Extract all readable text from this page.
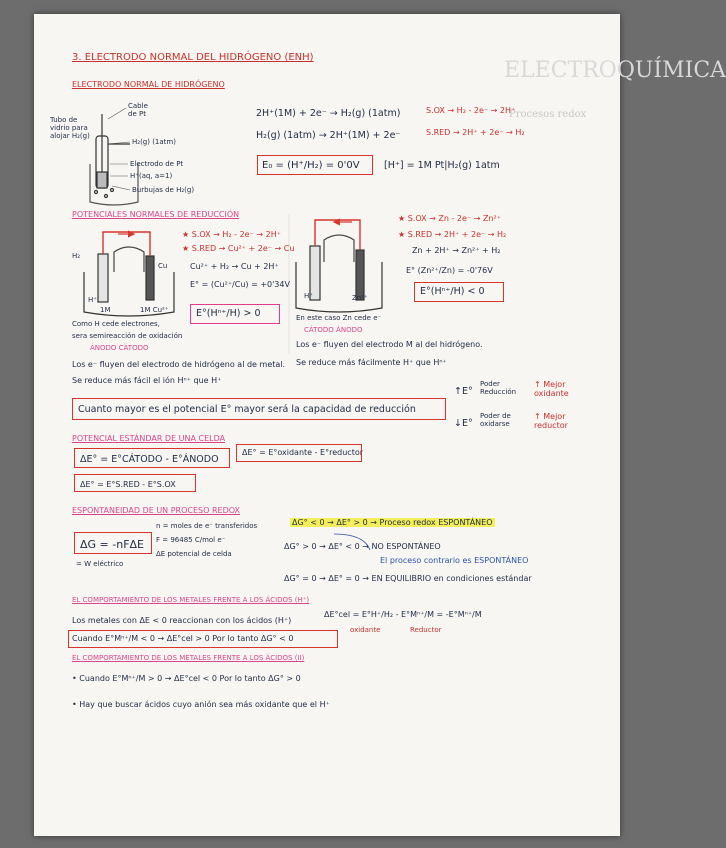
ELECTROQUÍMICA
Procesos redox
3. ELECTRODO NORMAL DEL HIDRÓGENO (ENH)
ELECTRODO NORMAL DE HIDRÓGENO
Cable de Pt
Tubo de vidrio para alojar H₂(g)
H₂(g) (1atm)
Electrodo de Pt
H⁺(aq, a=1)
Burbujas de H₂(g)
2H⁺(1M) + 2e⁻ → H₂(g) (1atm)
H₂(g) (1atm) → 2H⁺(1M) + 2e⁻
S.OX → H₂ - 2e⁻ → 2H⁺
S.RED → 2H⁺ + 2e⁻ → H₂
E₀ = (H⁺/H₂) = 0'0V	[H⁺] = 1M Pt|H₂(g) 1atm
POTENCIALES NORMALES DE REDUCCIÓN
★ S.OX → H₂ - 2e⁻ → 2H⁺
★ S.RED → Cu²⁺ + 2e⁻ → Cu
Cu²⁺ + H₂ → Cu + 2H⁺
E° = (Cu²⁺/Cu) = +0'34V
H₂
1M	1M Cu²⁺
H⁺
Cu
Como H cede electrones,
sera semireacción de oxidación
ÁNODO CÁTODO
E°(Hⁿ⁺/H) > 0
★ S.OX → Zn - 2e⁻ → Zn²⁺
★ S.RED → 2H⁺ + 2e⁻ → H₂
Zn + 2H⁺ → Zn²⁺ + H₂
E° (Zn²⁺/Zn) = -0'76V
H⁺	Zn²⁺
En este caso Zn cede e⁻
CÁTODO ÁNODO
E°(Hⁿ⁺/H) < 0
Los e⁻ fluyen del electrodo de hidrógeno al de metal.
Se reduce más fácil el ión Hⁿ⁺ que H⁺
Los e⁻ fluyen del electrodo M al del hidrógeno.
Se reduce más fácilmente H⁺ que Hⁿ⁺
Cuanto mayor es el potencial E° mayor será la capacidad de reducción
↑E°
Poder Reducción
↑ Mejor oxidante
↓E°
Poder de oxidarse
↑ Mejor reductor
POTENCIAL ESTÁNDAR DE UNA CELDA
ΔE° = E°CÁTODO - E°ÁNODO
ΔE° = E°oxidante - E°reductor
ΔE° = E°S.RED - E°S.OX
ESPONTANEIDAD DE UN PROCESO REDOX
ΔG = -nFΔE
n = moles de e⁻ transferidos
F = 96485 C/mol e⁻
ΔE potencial de celda
= W eléctrico
ΔG° < 0 → ΔE° > 0 → Proceso redox ESPONTÁNEO
ΔG° > 0 → ΔE° < 0 → NO ESPONTÁNEO
El proceso contrario es ESPONTÁNEO
ΔG° = 0 → ΔE° = 0 → EN EQUILIBRIO en condiciones estándar
EL COMPORTAMIENTO DE LOS METALES FRENTE A LOS ÁCIDOS (H⁺)
Los metales con ΔE < 0 reaccionan con los ácidos (H⁺)
ΔE°cel = E°H⁺/H₂ - E°Mⁿ⁺/M = -E°Mⁿ⁺/M
oxidante	Reductor
Cuando E°Mⁿ⁺/M < 0 → ΔE°cel > 0 Por lo tanto ΔG° < 0
EL COMPORTAMIENTO DE LOS METALES FRENTE A LOS ÁCIDOS (II)
• Cuando E°Mⁿ⁺/M > 0 → ΔE°cel < 0 Por lo tanto ΔG° > 0
• Hay que buscar ácidos cuyo anión sea más oxidante que el H⁺
